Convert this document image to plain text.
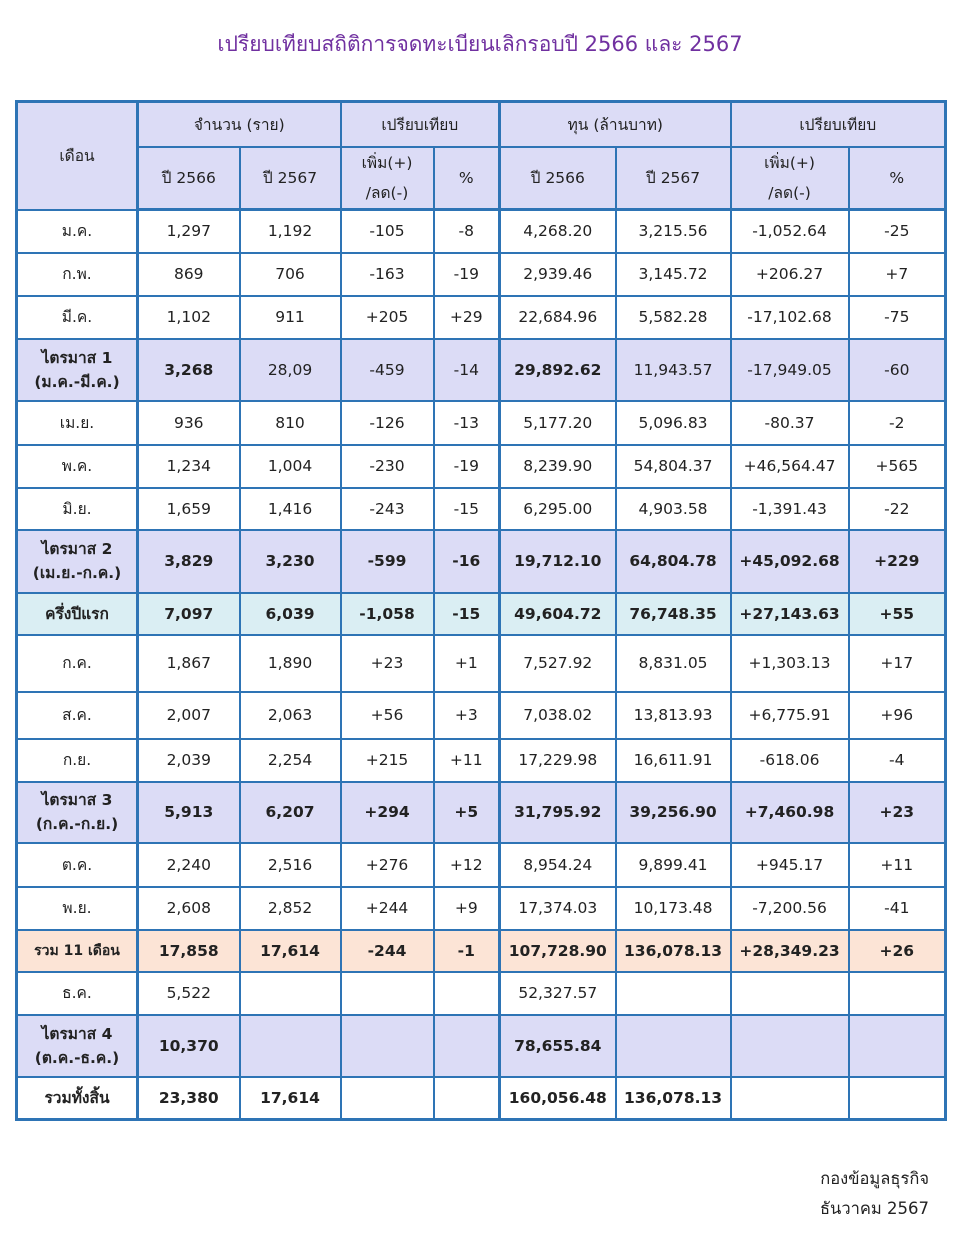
เปรียบเทียบสถิติการจดทะเบียนเลิกรอบปี 2566 และ 2567
เดือน	จำนวน (ราย)		เปรียบเทียบ		ทุน (ล้านบาท)		เปรียบเทียบ	
	ปี 2566	ปี 2567	เพิ่ม(+)
/ลด(-)	%	ปี 2566	ปี 2567	เพิ่ม(+)
/ลด(-)	%

ม.ค.	1,297	1,192	-105	-8	4,268.20	3,215.56	-1,052.64	-25

ก.พ.	869	706	-163	-19	2,939.46	3,145.72	+206.27	+7

มี.ค.	1,102	911	+205	+29	22,684.96	5,582.28	-17,102.68	-75

ไตรมาส 1
(ม.ค.-มี.ค.)	3,268	28,09	-459	-14	29,892.62	11,943.57	-17,949.05	-60

เม.ย.	936	810	-126	-13	5,177.20	5,096.83	-80.37	-2

พ.ค.	1,234	1,004	-230	-19	8,239.90	54,804.37	+46,564.47	+565

มิ.ย.	1,659	1,416	-243	-15	6,295.00	4,903.58	-1,391.43	-22

ไตรมาส 2
(เม.ย.-ก.ค.)	3,829	3,230	-599	-16	19,712.10	64,804.78	+45,092.68	+229

ครึ่งปีแรก	7,097	6,039	-1,058	-15	49,604.72	76,748.35	+27,143.63	+55

ก.ค.	1,867	1,890	+23	+1	7,527.92	8,831.05	+1,303.13	+17

ส.ค.	2,007	2,063	+56	+3	7,038.02	13,813.93	+6,775.91	+96

ก.ย.	2,039	2,254	+215	+11	17,229.98	16,611.91	-618.06	-4

ไตรมาส 3
(ก.ค.-ก.ย.)	5,913	6,207	+294	+5	31,795.92	39,256.90	+7,460.98	+23

ต.ค.	2,240	2,516	+276	+12	8,954.24	9,899.41	+945.17	+11

พ.ย.	2,608	2,852	+244	+9	17,374.03	10,173.48	-7,200.56	-41

รวม 11 เดือน	17,858	17,614	-244	-1	107,728.90	136,078.13	+28,349.23	+26

ธ.ค.	5,522				52,327.57			

ไตรมาส 4
(ต.ค.-ธ.ค.)	10,370				78,655.84			

รวมทั้งสิ้น	23,380	17,614			160,056.48	136,078.13		
กองข้อมูลธุรกิจ
ธันวาคม 2567
